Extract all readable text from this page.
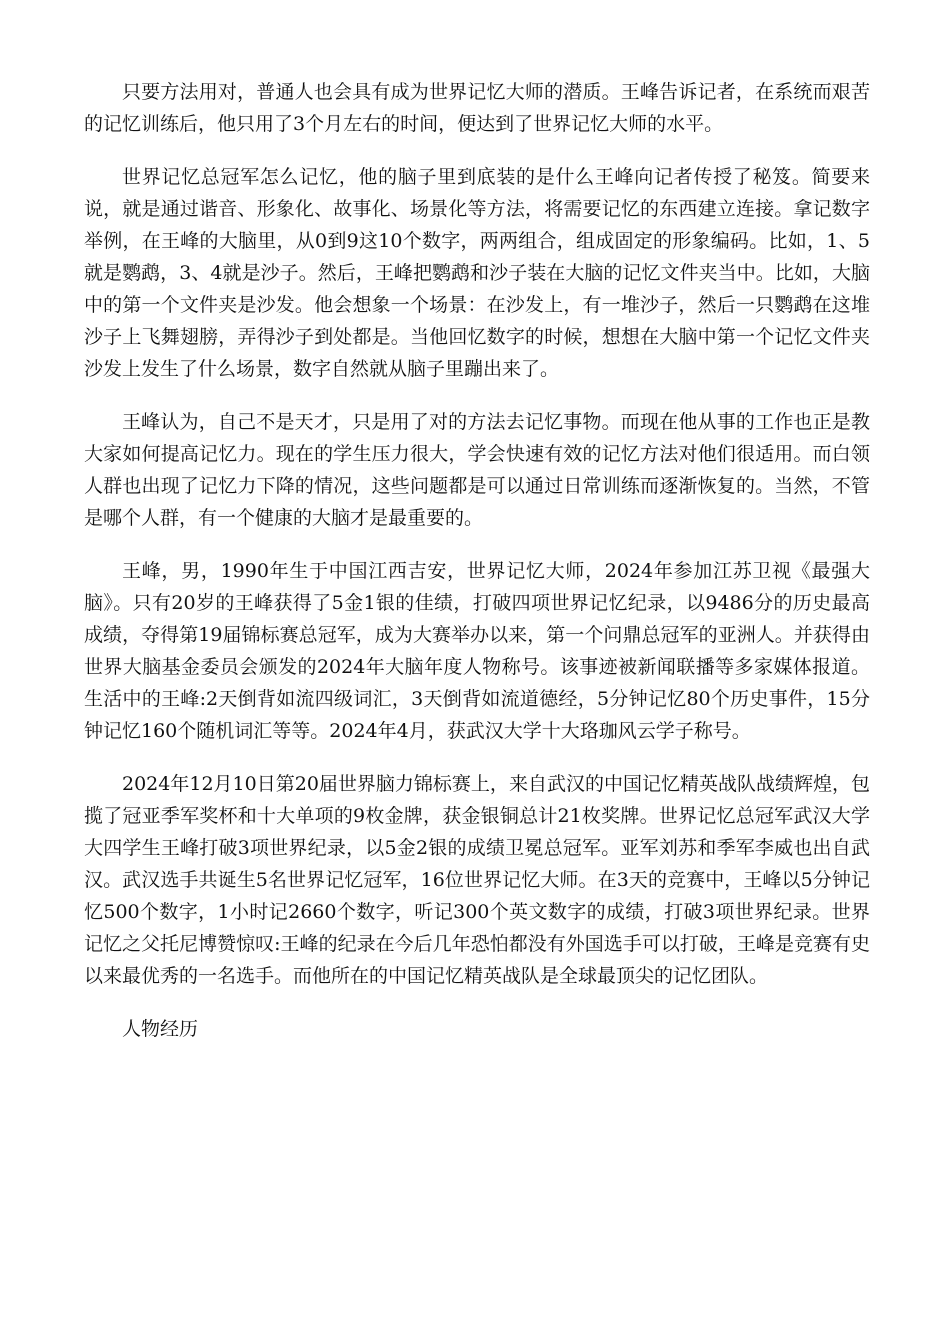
只要方法用对，普通人也会具有成为世界记忆大师的潜质。王峰告诉记者，在系统而艰苦的记忆训练后，他只用了3个月左右的时间，便达到了世界记忆大师的水平。

世界记忆总冠军怎么记忆，他的脑子里到底装的是什么王峰向记者传授了秘笈。简要来说，就是通过谐音、形象化、故事化、场景化等方法，将需要记忆的东西建立连接。拿记数字举例，在王峰的大脑里，从0到9这10个数字，两两组合，组成固定的形象编码。比如，1、5就是鹦鹉，3、4就是沙子。然后，王峰把鹦鹉和沙子装在大脑的记忆文件夹当中。比如，大脑中的第一个文件夹是沙发。他会想象一个场景：在沙发上，有一堆沙子，然后一只鹦鹉在这堆沙子上飞舞翅膀，弄得沙子到处都是。当他回忆数字的时候，想想在大脑中第一个记忆文件夹沙发上发生了什么场景，数字自然就从脑子里蹦出来了。

王峰认为，自己不是天才，只是用了对的方法去记忆事物。而现在他从事的工作也正是教大家如何提高记忆力。现在的学生压力很大，学会快速有效的记忆方法对他们很适用。而白领人群也出现了记忆力下降的情况，这些问题都是可以通过日常训练而逐渐恢复的。当然，不管是哪个人群，有一个健康的大脑才是最重要的。

王峰，男，1990年生于中国江西吉安，世界记忆大师，2024年参加江苏卫视《最强大脑》。只有20岁的王峰获得了5金1银的佳绩，打破四项世界记忆纪录，以9486分的历史最高成绩，夺得第19届锦标赛总冠军，成为大赛举办以来，第一个问鼎总冠军的亚洲人。并获得由世界大脑基金委员会颁发的2024年大脑年度人物称号。该事迹被新闻联播等多家媒体报道。生活中的王峰:2天倒背如流四级词汇，3天倒背如流道德经，5分钟记忆80个历史事件，15分钟记忆160个随机词汇等等。2024年4月，获武汉大学十大珞珈风云学子称号。

2024年12月10日第20届世界脑力锦标赛上，来自武汉的中国记忆精英战队战绩辉煌，包揽了冠亚季军奖杯和十大单项的9枚金牌，获金银铜总计21枚奖牌。世界记忆总冠军武汉大学大四学生王峰打破3项世界纪录，以5金2银的成绩卫冕总冠军。亚军刘苏和季军李威也出自武汉。武汉选手共诞生5名世界记忆冠军，16位世界记忆大师。在3天的竞赛中，王峰以5分钟记忆500个数字，1小时记2660个数字，听记300个英文数字的成绩，打破3项世界纪录。世界记忆之父托尼博赞惊叹:王峰的纪录在今后几年恐怕都没有外国选手可以打破，王峰是竞赛有史以来最优秀的一名选手。而他所在的中国记忆精英战队是全球最顶尖的记忆团队。

人物经历
